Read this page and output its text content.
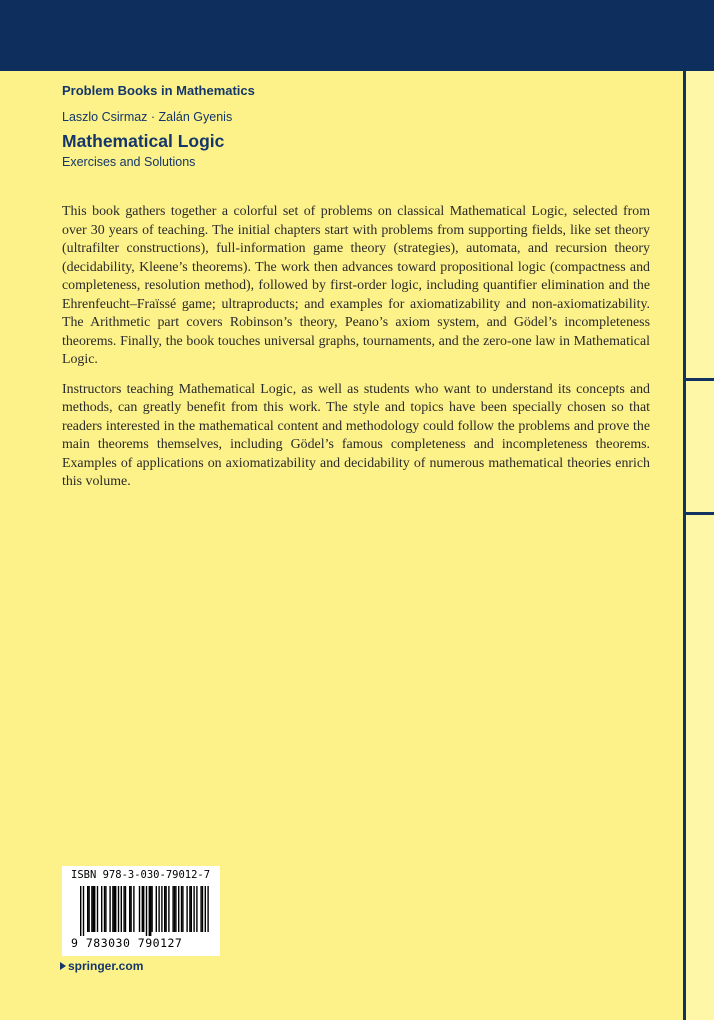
Problem Books in Mathematics
Laszlo Csirmaz · Zalán Gyenis
Mathematical Logic
Exercises and Solutions

This book gathers together a colorful set of problems on classical Mathematical Logic, selected from over 30 years of teaching. The initial chapters start with problems from supporting fields, like set theory (ultrafilter constructions), full-information game theory (strategies), automata, and recursion theory (decidability, Kleene’s theorems). The work then advances toward propositional logic (compactness and completeness, resolution method), followed by first-order logic, including quantifier elimination and the Ehrenfeucht–Fraïssé game; ultraproducts; and examples for axiomatizability and non-axiomatizability. The Arithmetic part covers Robinson’s theory, Peano’s axiom system, and Gödel’s incompleteness theorems. Finally, the book touches universal graphs, tournaments, and the zero-one law in Mathematical Logic.

Instructors teaching Mathematical Logic, as well as students who want to understand its concepts and methods, can greatly benefit from this work. The style and topics have been specially chosen so that readers interested in the mathematical content and methodology could follow the problems and prove the main theorems themselves, including Gödel’s famous completeness and incompleteness theorems. Examples of applications on axiomatizability and decidability of numerous mathematical theories enrich this volume.

ISBN 978-3-030-79012-7
9 783030 790127
springer.com
